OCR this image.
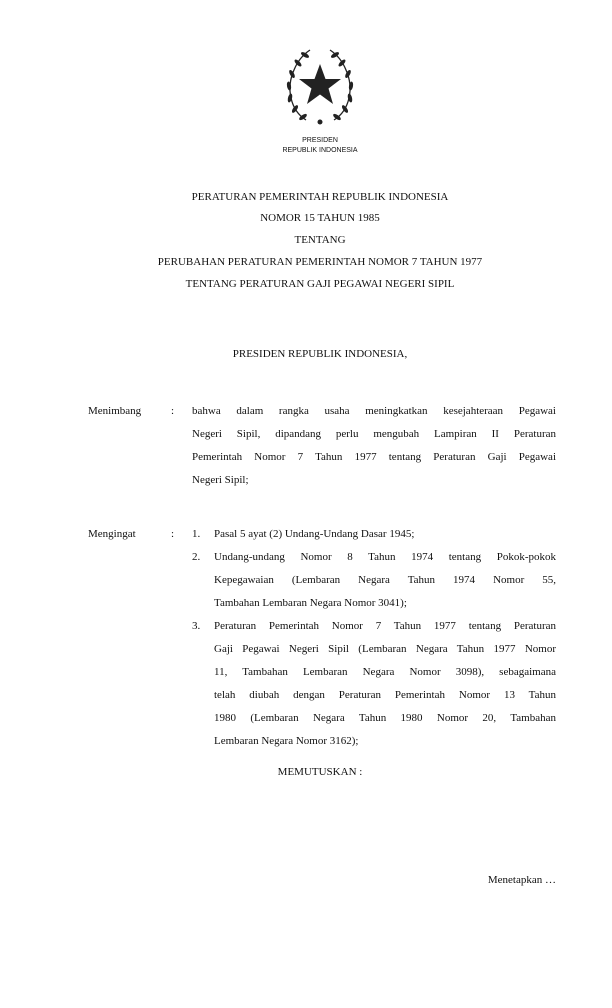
PRESIDEN
REPUBLIK INDONESIA
PERATURAN PEMERINTAH REPUBLIK INDONESIA
NOMOR 15 TAHUN 1985
TENTANG
PERUBAHAN PERATURAN PEMERINTAH NOMOR 7 TAHUN 1977
TENTANG PERATURAN GAJI PEGAWAI NEGERI SIPIL
PRESIDEN REPUBLIK INDONESIA,
Menimbang	: bahwa dalam rangka usaha meningkatkan kesejahteraan Pegawai
Negeri Sipil, dipandang perlu mengubah Lampiran II Peraturan
Pemerintah Nomor 7 Tahun 1977 tentang Peraturan Gaji Pegawai
Negeri Sipil;
Mengingat	: 1. Pasal 5 ayat (2) Undang-Undang Dasar 1945;
2. Undang-undang Nomor 8 Tahun 1974 tentang Pokok-pokok
Kepegawaian (Lembaran Negara Tahun 1974 Nomor 55,
Tambahan Lembaran Negara Nomor 3041);
3. Peraturan Pemerintah Nomor 7 Tahun 1977 tentang Peraturan
Gaji Pegawai Negeri Sipil (Lembaran Negara Tahun 1977 Nomor
11, Tambahan Lembaran Negara Nomor 3098), sebagaimana
telah diubah dengan Peraturan Pemerintah Nomor 13 Tahun
1980 (Lembaran Negara Tahun 1980 Nomor 20, Tambahan
Lembaran Negara Nomor 3162);
MEMUTUSKAN :
Menetapkan …
